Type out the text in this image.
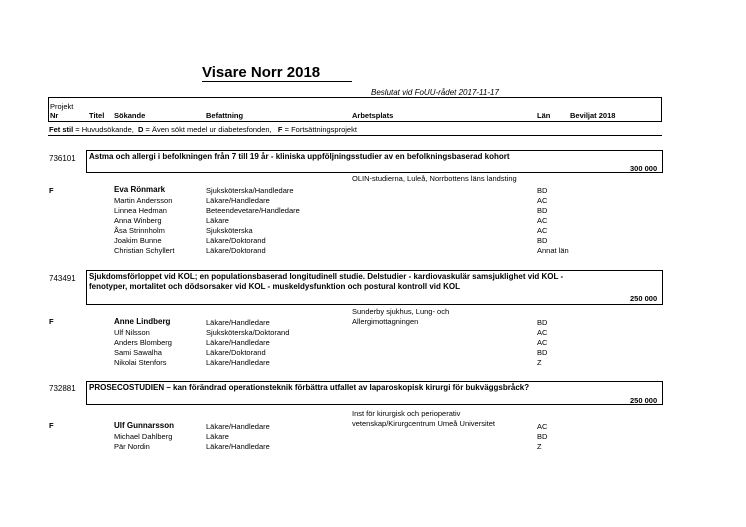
Visare Norr 2018
Beslutat vid FoUU-rådet 2017-11-17
Projekt
Nr	Titel Sökande	Befattning	Arbetsplats	Län	Beviljat 2018
Fet stil = Huvudsökande, D = Även sökt medel ur diabetesfonden, F = Fortsättningsprojekt
736101 Astma och allergi i befolkningen från 7 till 19 år - kliniska uppföljningsstudier av en befolkningsbaserad kohort
300 000
OLIN-studierna, Luleå, Norrbottens läns landsting
F	Eva Rönmark	Sjuksköterska/Handledare	BD
Martin Andersson	Läkare/Handledare	AC
Linnea Hedman	Beteendevetare/Handledare	BD
Anna Winberg	Läkare	AC
Åsa Strinnholm	Sjuksköterska	AC
Joakim Bunne	Läkare/Doktorand	BD
Christian Schyllert	Läkare/Doktorand	Annat län
743491 Sjukdomsförloppet vid KOL; en populationsbaserad longitudinell studie. Delstudier - kardiovaskulär samsjuklighet vid KOL - fenotyper, mortalitet och dödsorsaker vid KOL - muskeldysfunktion och postural kontroll vid KOL
250 000
Sunderby sjukhus, Lung- och Allergimottagningen
F	Anne Lindberg	Läkare/Handledare	BD
Ulf Nilsson	Sjuksköterska/Doktorand	AC
Anders Blomberg	Läkare/Handledare	AC
Sami Sawalha	Läkare/Doktorand	BD
Nikolai Stenfors	Läkare/Handledare	Z
732881 PROSECOSTUDIEN – kan förändrad operationsteknik förbättra utfallet av laparoskopisk kirurgi för bukväggsbråck?
250 000
Inst för kirurgisk och perioperativ vetenskap/Kirurgcentrum Umeå Universitet
F	Ulf Gunnarsson	Läkare/Handledare	AC
Michael Dahlberg	Läkare	BD
Pär Nordin	Läkare/Handledare	Z
